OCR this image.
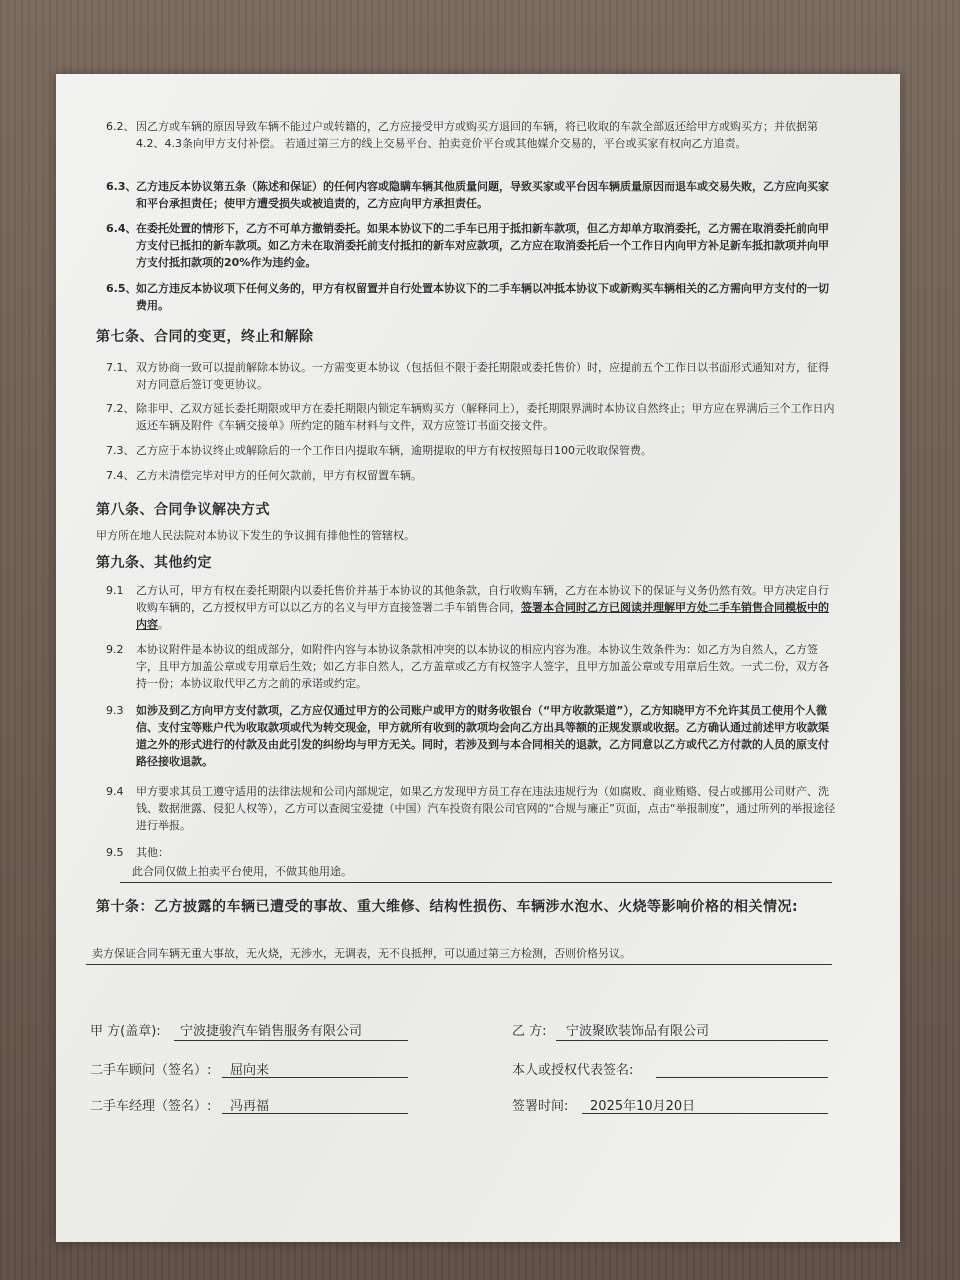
6.2、 因乙方或车辆的原因导致车辆不能过户或转籍的，乙方应接受甲方或购买方退回的车辆，将已收取的车款全部返还给甲方或购买方；并依据第4.2、4.3条向甲方支付补偿。 若通过第三方的线上交易平台、拍卖竞价平台或其他媒介交易的，平台或买家有权向乙方追责。
6.3、 乙方违反本协议第五条（陈述和保证）的任何内容或隐瞒车辆其他质量问题，导致买家或平台因车辆质量原因而退车或交易失败，乙方应向买家和平台承担责任；使甲方遭受损失或被追责的，乙方应向甲方承担责任。
6.4、 在委托处置的情形下，乙方不可单方撤销委托。如果本协议下的二手车已用于抵扣新车款项，但乙方却单方取消委托，乙方需在取消委托前向甲方支付已抵扣的新车款项。如乙方未在取消委托前支付抵扣的新车对应款项，乙方应在取消委托后一个工作日内向甲方补足新车抵扣款项并向甲方支付抵扣款项的20%作为违约金。
6.5、 如乙方违反本协议项下任何义务的，甲方有权留置并自行处置本协议下的二手车辆以冲抵本协议下或新购买车辆相关的乙方需向甲方支付的一切费用。
第七条、合同的变更，终止和解除
7.1、 双方协商一致可以提前解除本协议。一方需变更本协议（包括但不限于委托期限或委托售价）时，应提前五个工作日以书面形式通知对方，征得对方同意后签订变更协议。
7.2、 除非甲、乙双方延长委托期限或甲方在委托期限内锁定车辆购买方（解释同上），委托期限界满时本协议自然终止；甲方应在界满后三个工作日内返还车辆及附件《车辆交接单》所约定的随车材料与文件，双方应签订书面交接文件。
7.3、 乙方应于本协议终止或解除后的一个工作日内提取车辆，逾期提取的甲方有权按照每日100元收取保管费。
7.4、 乙方未清偿完毕对甲方的任何欠款前，甲方有权留置车辆。
第八条、合同争议解决方式
甲方所在地人民法院对本协议下发生的争议拥有排他性的管辖权。
第九条、其他约定
9.1 乙方认可，甲方有权在委托期限内以委托售价并基于本协议的其他条款，自行收购车辆，乙方在本协议下的保证与义务仍然有效。甲方决定自行收购车辆的，乙方授权甲方可以以乙方的名义与甲方直接签署二手车销售合同，签署本合同时乙方已阅读并理解甲方处二手车销售合同模板中的内容。
9.2 本协议附件是本协议的组成部分，如附件内容与本协议条款相冲突的以本协议的相应内容为准。本协议生效条件为：如乙方为自然人，乙方签字，且甲方加盖公章或专用章后生效；如乙方非自然人，乙方盖章或乙方有权签字人签字，且甲方加盖公章或专用章后生效。一式二份，双方各持一份；本协议取代甲乙方之前的承诺或约定。
9.3 如涉及到乙方向甲方支付款项，乙方应仅通过甲方的公司账户或甲方的财务收银台（“甲方收款渠道”），乙方知晓甲方不允许其员工使用个人微信、支付宝等账户代为收取款项或代为转交现金，甲方就所有收到的款项均会向乙方出具等额的正规发票或收据。乙方确认通过前述甲方收款渠道之外的形式进行的付款及由此引发的纠纷均与甲方无关。同时，若涉及到与本合同相关的退款，乙方同意以乙方或代乙方付款的人员的原支付路径接收退款。
9.4 甲方要求其员工遵守适用的法律法规和公司内部规定，如果乙方发现甲方员工存在违法违规行为（如腐败、商业贿赂、侵占或挪用公司财产、洗钱、数据泄露、侵犯人权等），乙方可以查阅宝爱捷（中国）汽车投资有限公司官网的“合规与廉正”页面，点击“举报制度”，通过所列的举报途径进行举报。
9.5 其他：
此合同仅做上拍卖平台使用，不做其他用途。
第十条：乙方披露的车辆已遭受的事故、重大维修、结构性损伤、车辆涉水泡水、火烧等影响价格的相关情况:
卖方保证合同车辆无重大事故，无火烧，无涉水，无调表，无不良抵押，可以通过第三方检测，否则价格另议。
甲 方(盖章): 宁波捷骏汽车销售服务有限公司
二手车顾问（签名）: 屈向来
二手车经理（签名）: 冯再福
乙 方: 宁波聚欧装饰品有限公司
本人或授权代表签名:
签署时间: 2025年10月20日
